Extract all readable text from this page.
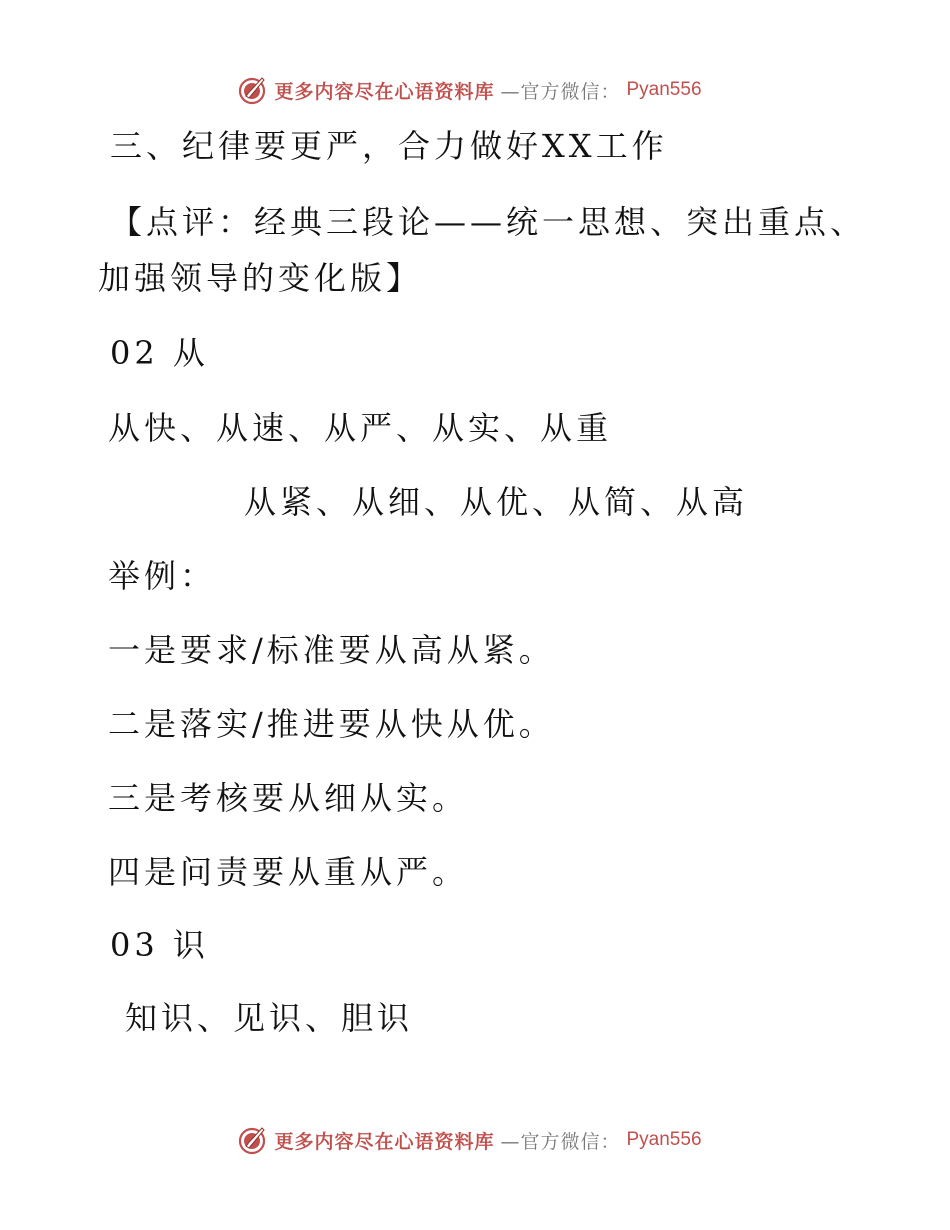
更多内容尽在心语资料库 —官方微信： Pyan556
三、纪律要更严，合力做好XX工作
【点评：经典三段论——统一思想、突出重点、
加强领导的变化版】
02 从
从快、从速、从严、从实、从重
从紧、从细、从优、从简、从高
举例：
一是要求/标准要从高从紧。
二是落实/推进要从快从优。
三是考核要从细从实。
四是问责要从重从严。
03 识
知识、见识、胆识
更多内容尽在心语资料库 —官方微信： Pyan556
